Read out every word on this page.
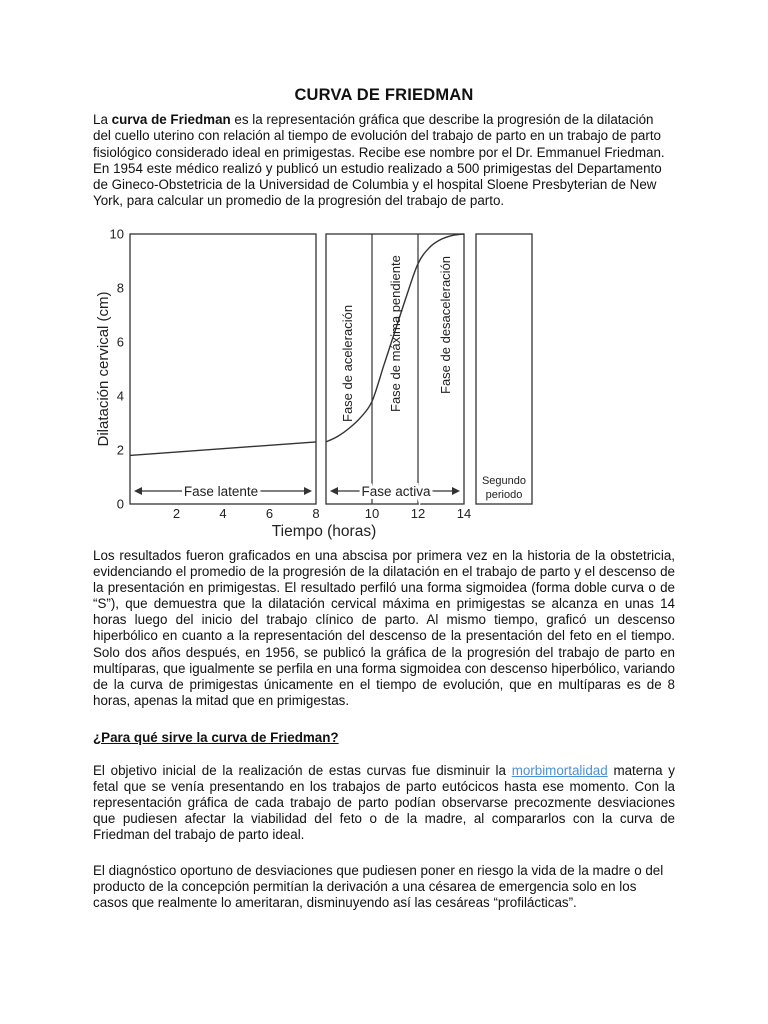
CURVA DE FRIEDMAN

La curva de Friedman es la representación gráfica que describe la progresión de la dilatación del cuello uterino con relación al tiempo de evolución del trabajo de parto en un trabajo de parto fisiológico considerado ideal en primigestas. Recibe ese nombre por el Dr. Emmanuel Friedman. En 1954 este médico realizó y publicó un estudio realizado a 500 primigestas del Departamento de Gineco-Obstetricia de la Universidad de Columbia y el hospital Sloene Presbyterian de New York, para calcular un promedio de la progresión del trabajo de parto.

Dilatación cervical (cm)
Fase latente	Fase activa
Fase de aceleración	Fase de máxima pendiente	Fase de desaceleración
Segundo
periodo
2	4	6	8	10 12 14
0
2
4
6
8
10
Tiempo (horas)

Los resultados fueron graficados en una abscisa por primera vez en la historia de la obstetricia, evidenciando el promedio de la progresión de la dilatación en el trabajo de parto y el descenso de la presentación en primigestas. El resultado perfiló una forma sigmoidea (forma doble curva o de “S”), que demuestra que la dilatación cervical máxima en primigestas se alcanza en unas 14 horas luego del inicio del trabajo clínico de parto. Al mismo tiempo, graficó un descenso hiperbólico en cuanto a la representación del descenso de la presentación del feto en el tiempo. Solo dos años después, en 1956, se publicó la gráfica de la progresión del trabajo de parto en multíparas, que igualmente se perfila en una forma sigmoidea con descenso hiperbólico, variando de la curva de primigestas únicamente en el tiempo de evolución, que en multíparas es de 8 horas, apenas la mitad que en primigestas.

¿Para qué sirve la curva de Friedman?

El objetivo inicial de la realización de estas curvas fue disminuir la morbimortalidad materna y fetal que se venía presentando en los trabajos de parto eutócicos hasta ese momento. Con la representación gráfica de cada trabajo de parto podían observarse precozmente desviaciones que pudiesen afectar la viabilidad del feto o de la madre, al compararlos con la curva de Friedman del trabajo de parto ideal.

El diagnóstico oportuno de desviaciones que pudiesen poner en riesgo la vida de la madre o del producto de la concepción permitían la derivación a una césarea de emergencia solo en los casos que realmente lo ameritaran, disminuyendo así las cesáreas “profilácticas”.
